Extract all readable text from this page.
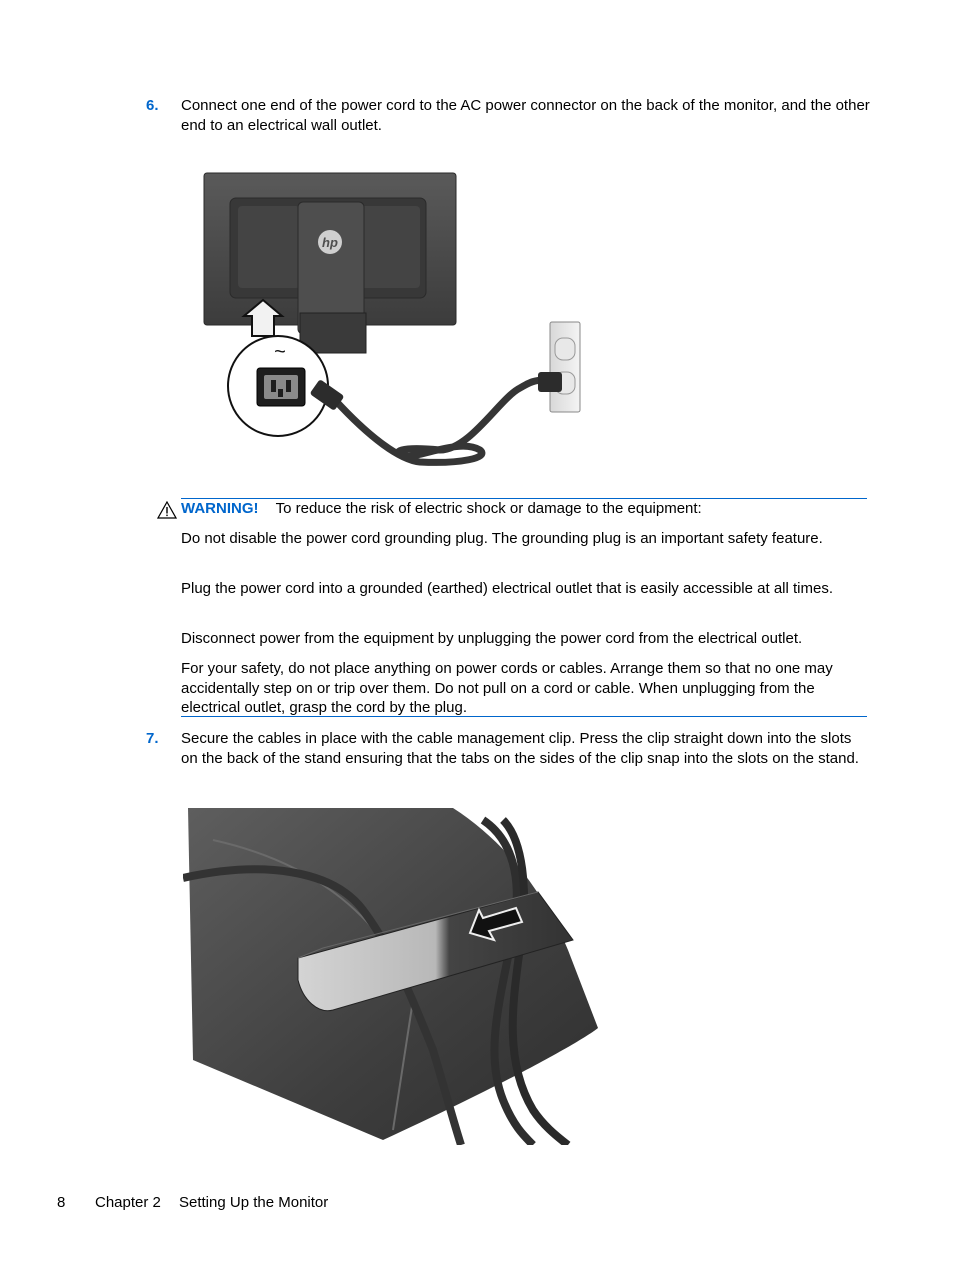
6. Connect one end of the power cord to the AC power connector on the back of the monitor, and the other end to an electrical wall outlet.
hp
~
WARNING! To reduce the risk of electric shock or damage to the equipment:
Do not disable the power cord grounding plug. The grounding plug is an important safety feature.
Plug the power cord into a grounded (earthed) electrical outlet that is easily accessible at all times.
Disconnect power from the equipment by unplugging the power cord from the electrical outlet.
For your safety, do not place anything on power cords or cables. Arrange them so that no one may accidentally step on or trip over them. Do not pull on a cord or cable. When unplugging from the electrical outlet, grasp the cord by the plug.
7. Secure the cables in place with the cable management clip. Press the clip straight down into the slots on the back of the stand ensuring that the tabs on the sides of the clip snap into the slots on the stand.
8 Chapter 2 Setting Up the Monitor
